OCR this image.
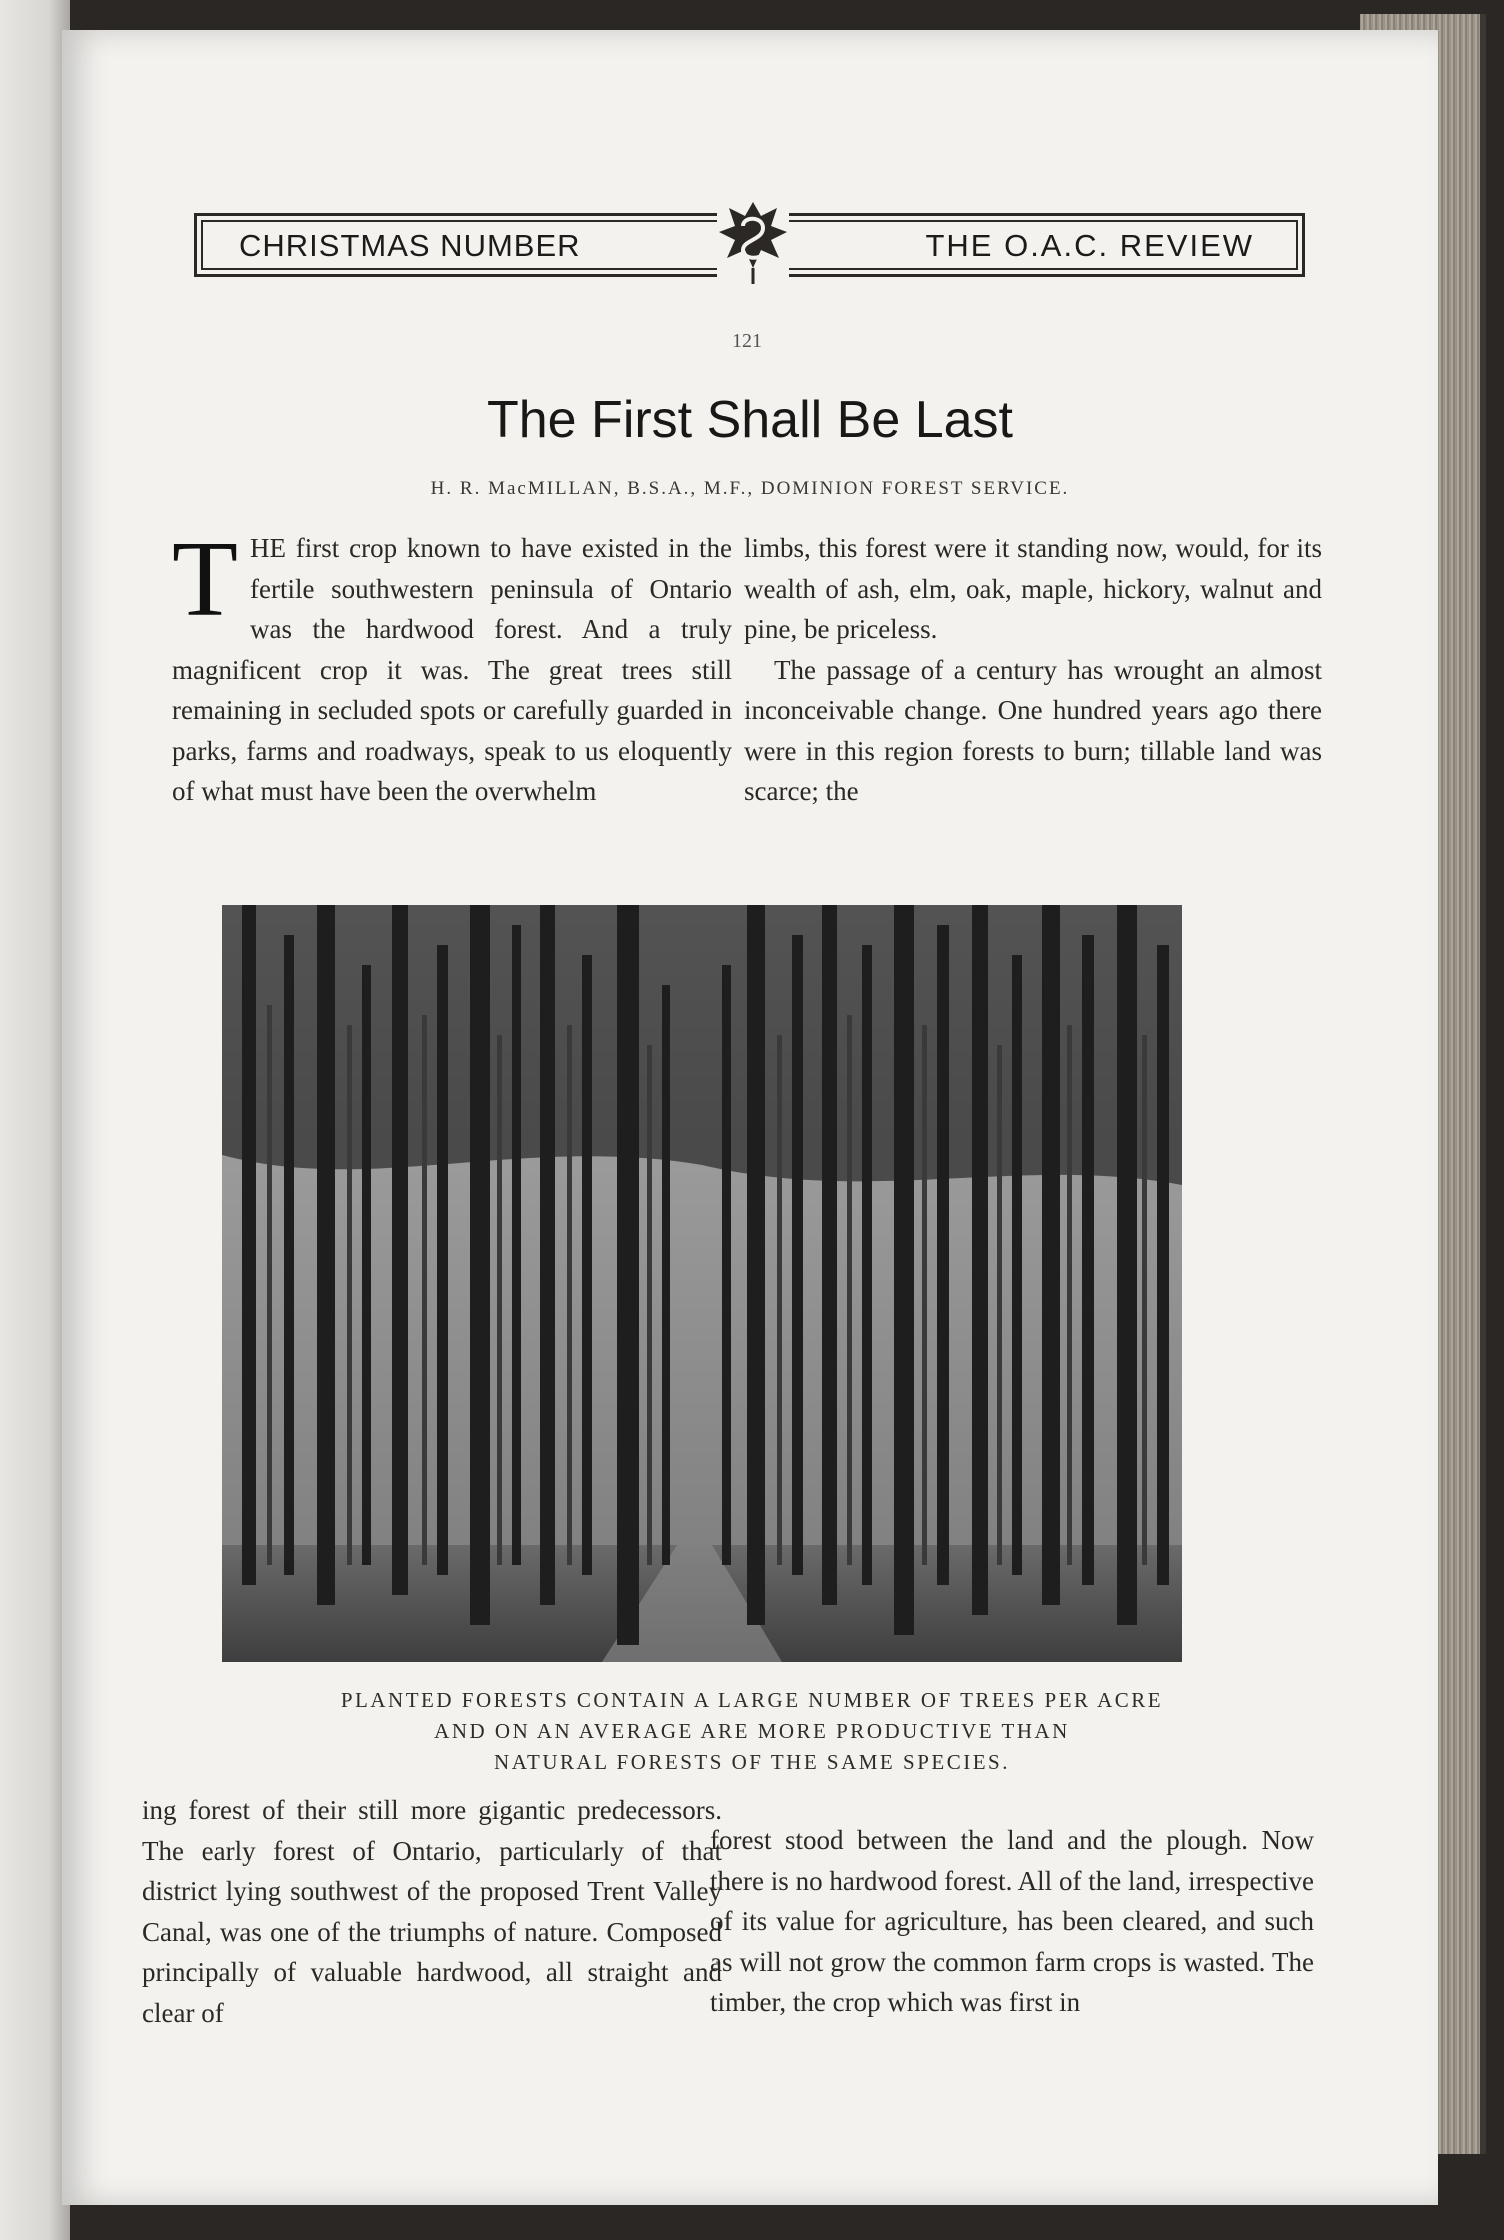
CHRISTMAS NUMBER	THE O.A.C. REVIEW
121
The First Shall Be Last
H. R. MacMILLAN, B.S.A., M.F., DOMINION FOREST SERVICE.

THE first crop known to have existed in the fertile southwestern peninsula of Ontario was the hardwood forest. And a truly magnificent crop it was. The great trees still remaining in secluded spots or carefully guarded in parks, farms and roadways, speak to us eloquently of what must have been the overwhelm

limbs, this forest were it standing now, would, for its wealth of ash, elm, oak, maple, hickory, walnut and pine, be priceless.

The passage of a century has wrought an almost inconceivable change. One hundred years ago there were in this region forests to burn; tillable land was scarce; the

PLANTED FORESTS CONTAIN A LARGE NUMBER OF TREES PER ACRE
AND ON AN AVERAGE ARE MORE PRODUCTIVE THAN
NATURAL FORESTS OF THE SAME SPECIES.

ing forest of their still more gigantic predecessors. The early forest of Ontario, particularly of that district lying southwest of the proposed Trent Valley Canal, was one of the triumphs of nature. Composed principally of valuable hardwood, all straight and clear of

forest stood between the land and the plough. Now there is no hardwood forest. All of the land, irrespective of its value for agriculture, has been cleared, and such as will not grow the common farm crops is wasted. The timber, the crop which was first in
